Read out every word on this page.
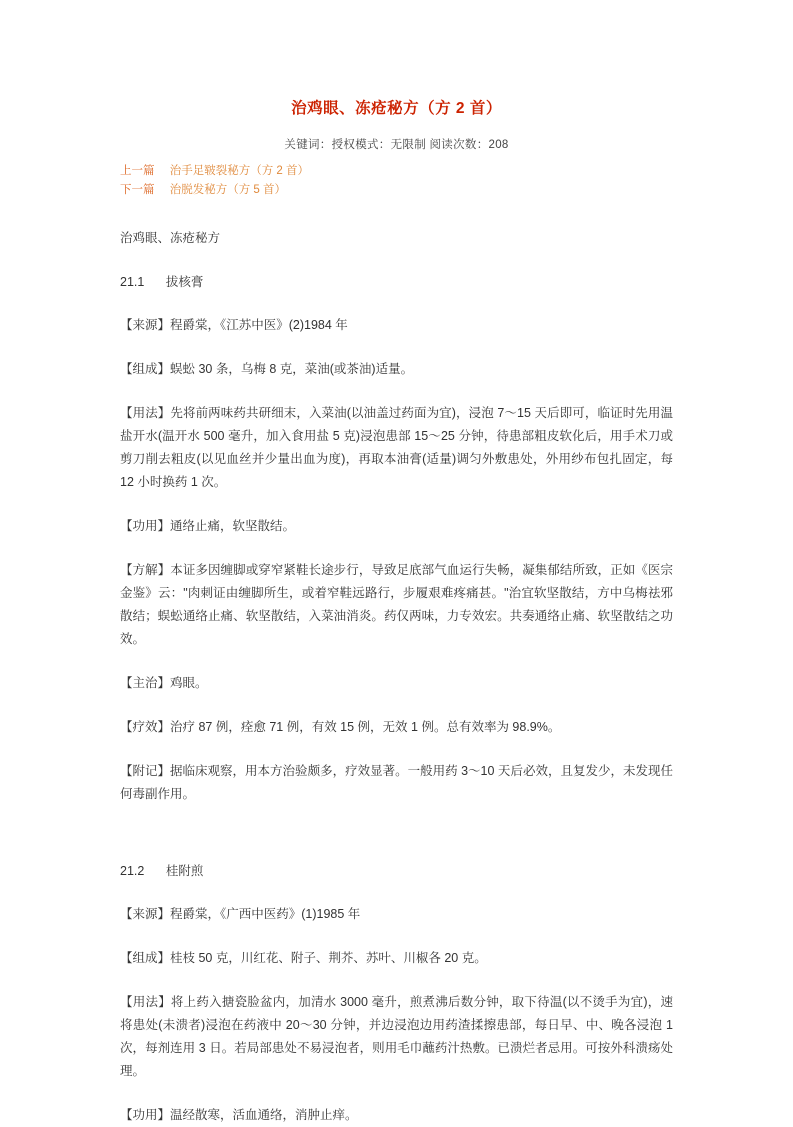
治鸡眼、冻疮秘方（方 2 首）
关键词：授权模式：无限制 阅读次数：208
上一篇 治手足皲裂秘方（方 2 首）
下一篇 治脱发秘方（方 5 首）
治鸡眼、冻疮秘方
21.1 拔核膏

【来源】程爵棠，《江苏中医》(2)1984 年

【组成】蜈蚣 30 条，乌梅 8 克，菜油(或茶油)适量。

【用法】先将前两味药共研细末，入菜油(以油盖过药面为宜)，浸泡 7～15 天后即可，临证时先用温盐开水(温开水 500 毫升，加入食用盐 5 克)浸泡患部 15～25 分钟，待患部粗皮软化后，用手术刀或剪刀削去粗皮(以见血丝并少量出血为度)，再取本油膏(适量)调匀外敷患处，外用纱布包扎固定，每 12 小时换药 1 次。

【功用】通络止痛，软坚散结。

【方解】本证多因缠脚或穿窄紧鞋长途步行，导致足底部气血运行失畅，凝集郁结所致，正如《医宗金鉴》云："肉刺证由缠脚所生，或着窄鞋远路行，步履艰难疼痛甚。"治宜软坚散结，方中乌梅祛邪散结；蜈蚣通络止痛、软坚散结，入菜油消炎。药仅两味，力专效宏。共奏通络止痛、软坚散结之功效。

【主治】鸡眼。

【疗效】治疗 87 例，痊愈 71 例，有效 15 例，无效 1 例。总有效率为 98.9%。

【附记】据临床观察，用本方治验颇多，疗效显著。一般用药 3～10 天后必效，且复发少，未发现任何毒副作用。

21.2 桂附煎

【来源】程爵棠，《广西中医药》(1)1985 年

【组成】桂枝 50 克，川红花、附子、荆芥、苏叶、川椒各 20 克。

【用法】将上药入搪瓷脸盆内，加清水 3000 毫升，煎煮沸后数分钟，取下待温(以不烫手为宜)，速将患处(未溃者)浸泡在药液中 20～30 分钟，并边浸泡边用药渣揉擦患部，每日早、中、晚各浸泡 1 次，每剂连用 3 日。若局部患处不易浸泡者，则用毛巾蘸药汁热敷。已溃烂者忌用。可按外科溃疡处理。

【功用】温经散寒，活血通络，消肿止痒。
